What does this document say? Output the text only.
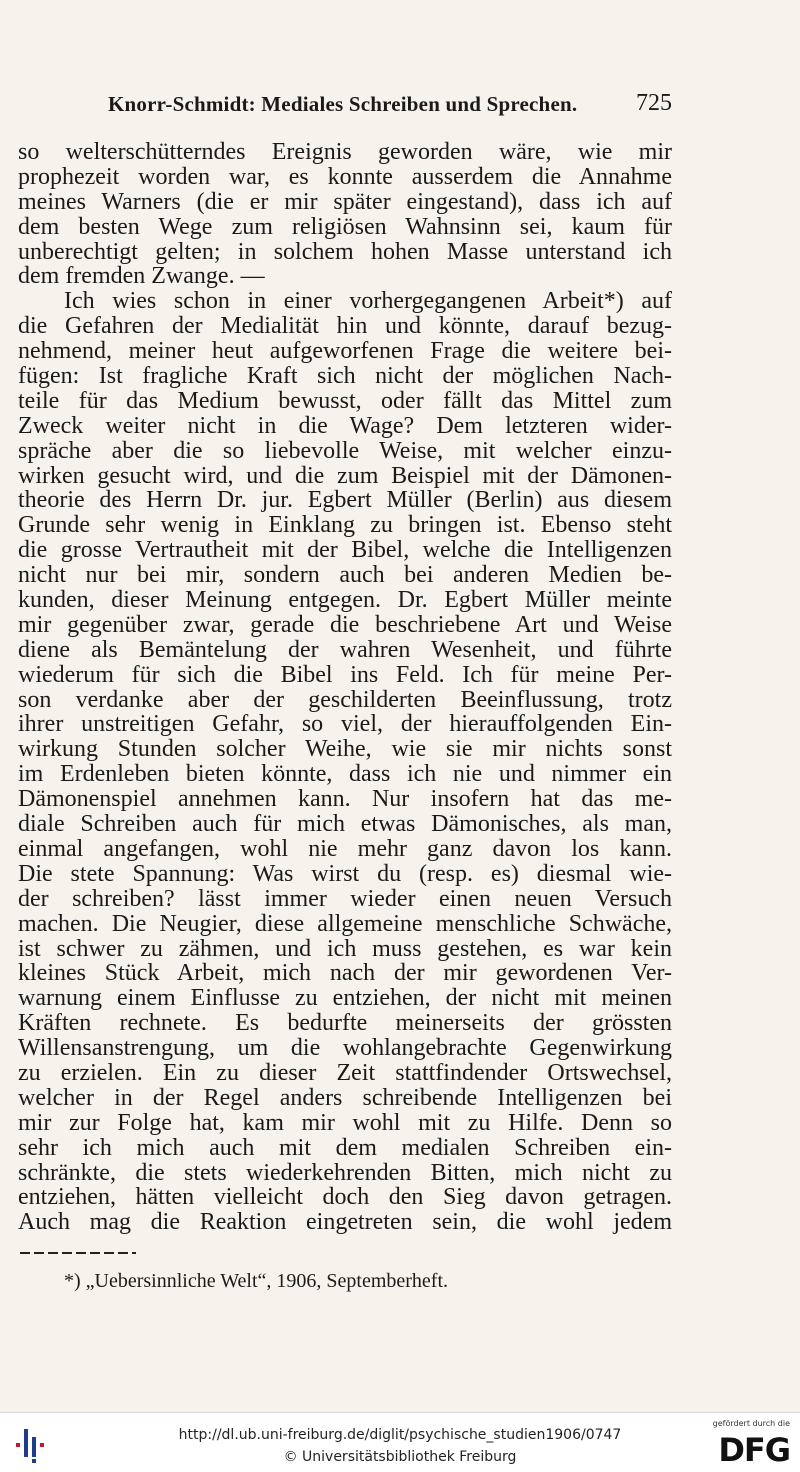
Knorr-Schmidt: Mediales Schreiben und Sprechen.	725
so welterschütterndes Ereignis geworden wäre, wie mir
prophezeit worden war, es konnte ausserdem die Annahme
meines Warners (die er mir später eingestand), dass ich auf
dem besten Wege zum religiösen Wahnsinn sei, kaum für
unberechtigt gelten; in solchem hohen Masse unterstand ich
dem fremden Zwange. —
Ich wies schon in einer vorhergegangenen Arbeit*) auf
die Gefahren der Medialität hin und könnte, darauf bezug-
nehmend, meiner heut aufgeworfenen Frage die weitere bei-
fügen: Ist fragliche Kraft sich nicht der möglichen Nach-
teile für das Medium bewusst, oder fällt das Mittel zum
Zweck weiter nicht in die Wage? Dem letzteren wider-
spräche aber die so liebevolle Weise, mit welcher einzu-
wirken gesucht wird, und die zum Beispiel mit der Dämonen-
theorie des Herrn Dr. jur. Egbert Müller (Berlin) aus diesem
Grunde sehr wenig in Einklang zu bringen ist. Ebenso steht
die grosse Vertrautheit mit der Bibel, welche die Intelligenzen
nicht nur bei mir, sondern auch bei anderen Medien be-
kunden, dieser Meinung entgegen. Dr. Egbert Müller meinte
mir gegenüber zwar, gerade die beschriebene Art und Weise
diene als Bemäntelung der wahren Wesenheit, und führte
wiederum für sich die Bibel ins Feld. Ich für meine Per-
son verdanke aber der geschilderten Beeinflussung, trotz
ihrer unstreitigen Gefahr, so viel, der hierauffolgenden Ein-
wirkung Stunden solcher Weihe, wie sie mir nichts sonst
im Erdenleben bieten könnte, dass ich nie und nimmer ein
Dämonenspiel annehmen kann. Nur insofern hat das me-
diale Schreiben auch für mich etwas Dämonisches, als man,
einmal angefangen, wohl nie mehr ganz davon los kann.
Die stete Spannung: Was wirst du (resp. es) diesmal wie-
der schreiben? lässt immer wieder einen neuen Versuch
machen. Die Neugier, diese allgemeine menschliche Schwäche,
ist schwer zu zähmen, und ich muss gestehen, es war kein
kleines Stück Arbeit, mich nach der mir gewordenen Ver-
warnung einem Einflusse zu entziehen, der nicht mit meinen
Kräften rechnete. Es bedurfte meinerseits der grössten
Willensanstrengung, um die wohlangebrachte Gegenwirkung
zu erzielen. Ein zu dieser Zeit stattfindender Ortswechsel,
welcher in der Regel anders schreibende Intelligenzen bei
mir zur Folge hat, kam mir wohl mit zu Hilfe. Denn so
sehr ich mich auch mit dem medialen Schreiben ein-
schränkte, die stets wiederkehrenden Bitten, mich nicht zu
entziehen, hätten vielleicht doch den Sieg davon getragen.
Auch mag die Reaktion eingetreten sein, die wohl jedem
*) „Uebersinnliche Welt“, 1906, Septemberheft.
http://dl.ub.uni-freiburg.de/diglit/psychische_studien1906/0747
© Universitätsbibliothek Freiburg
gefördert durch die
DFG
